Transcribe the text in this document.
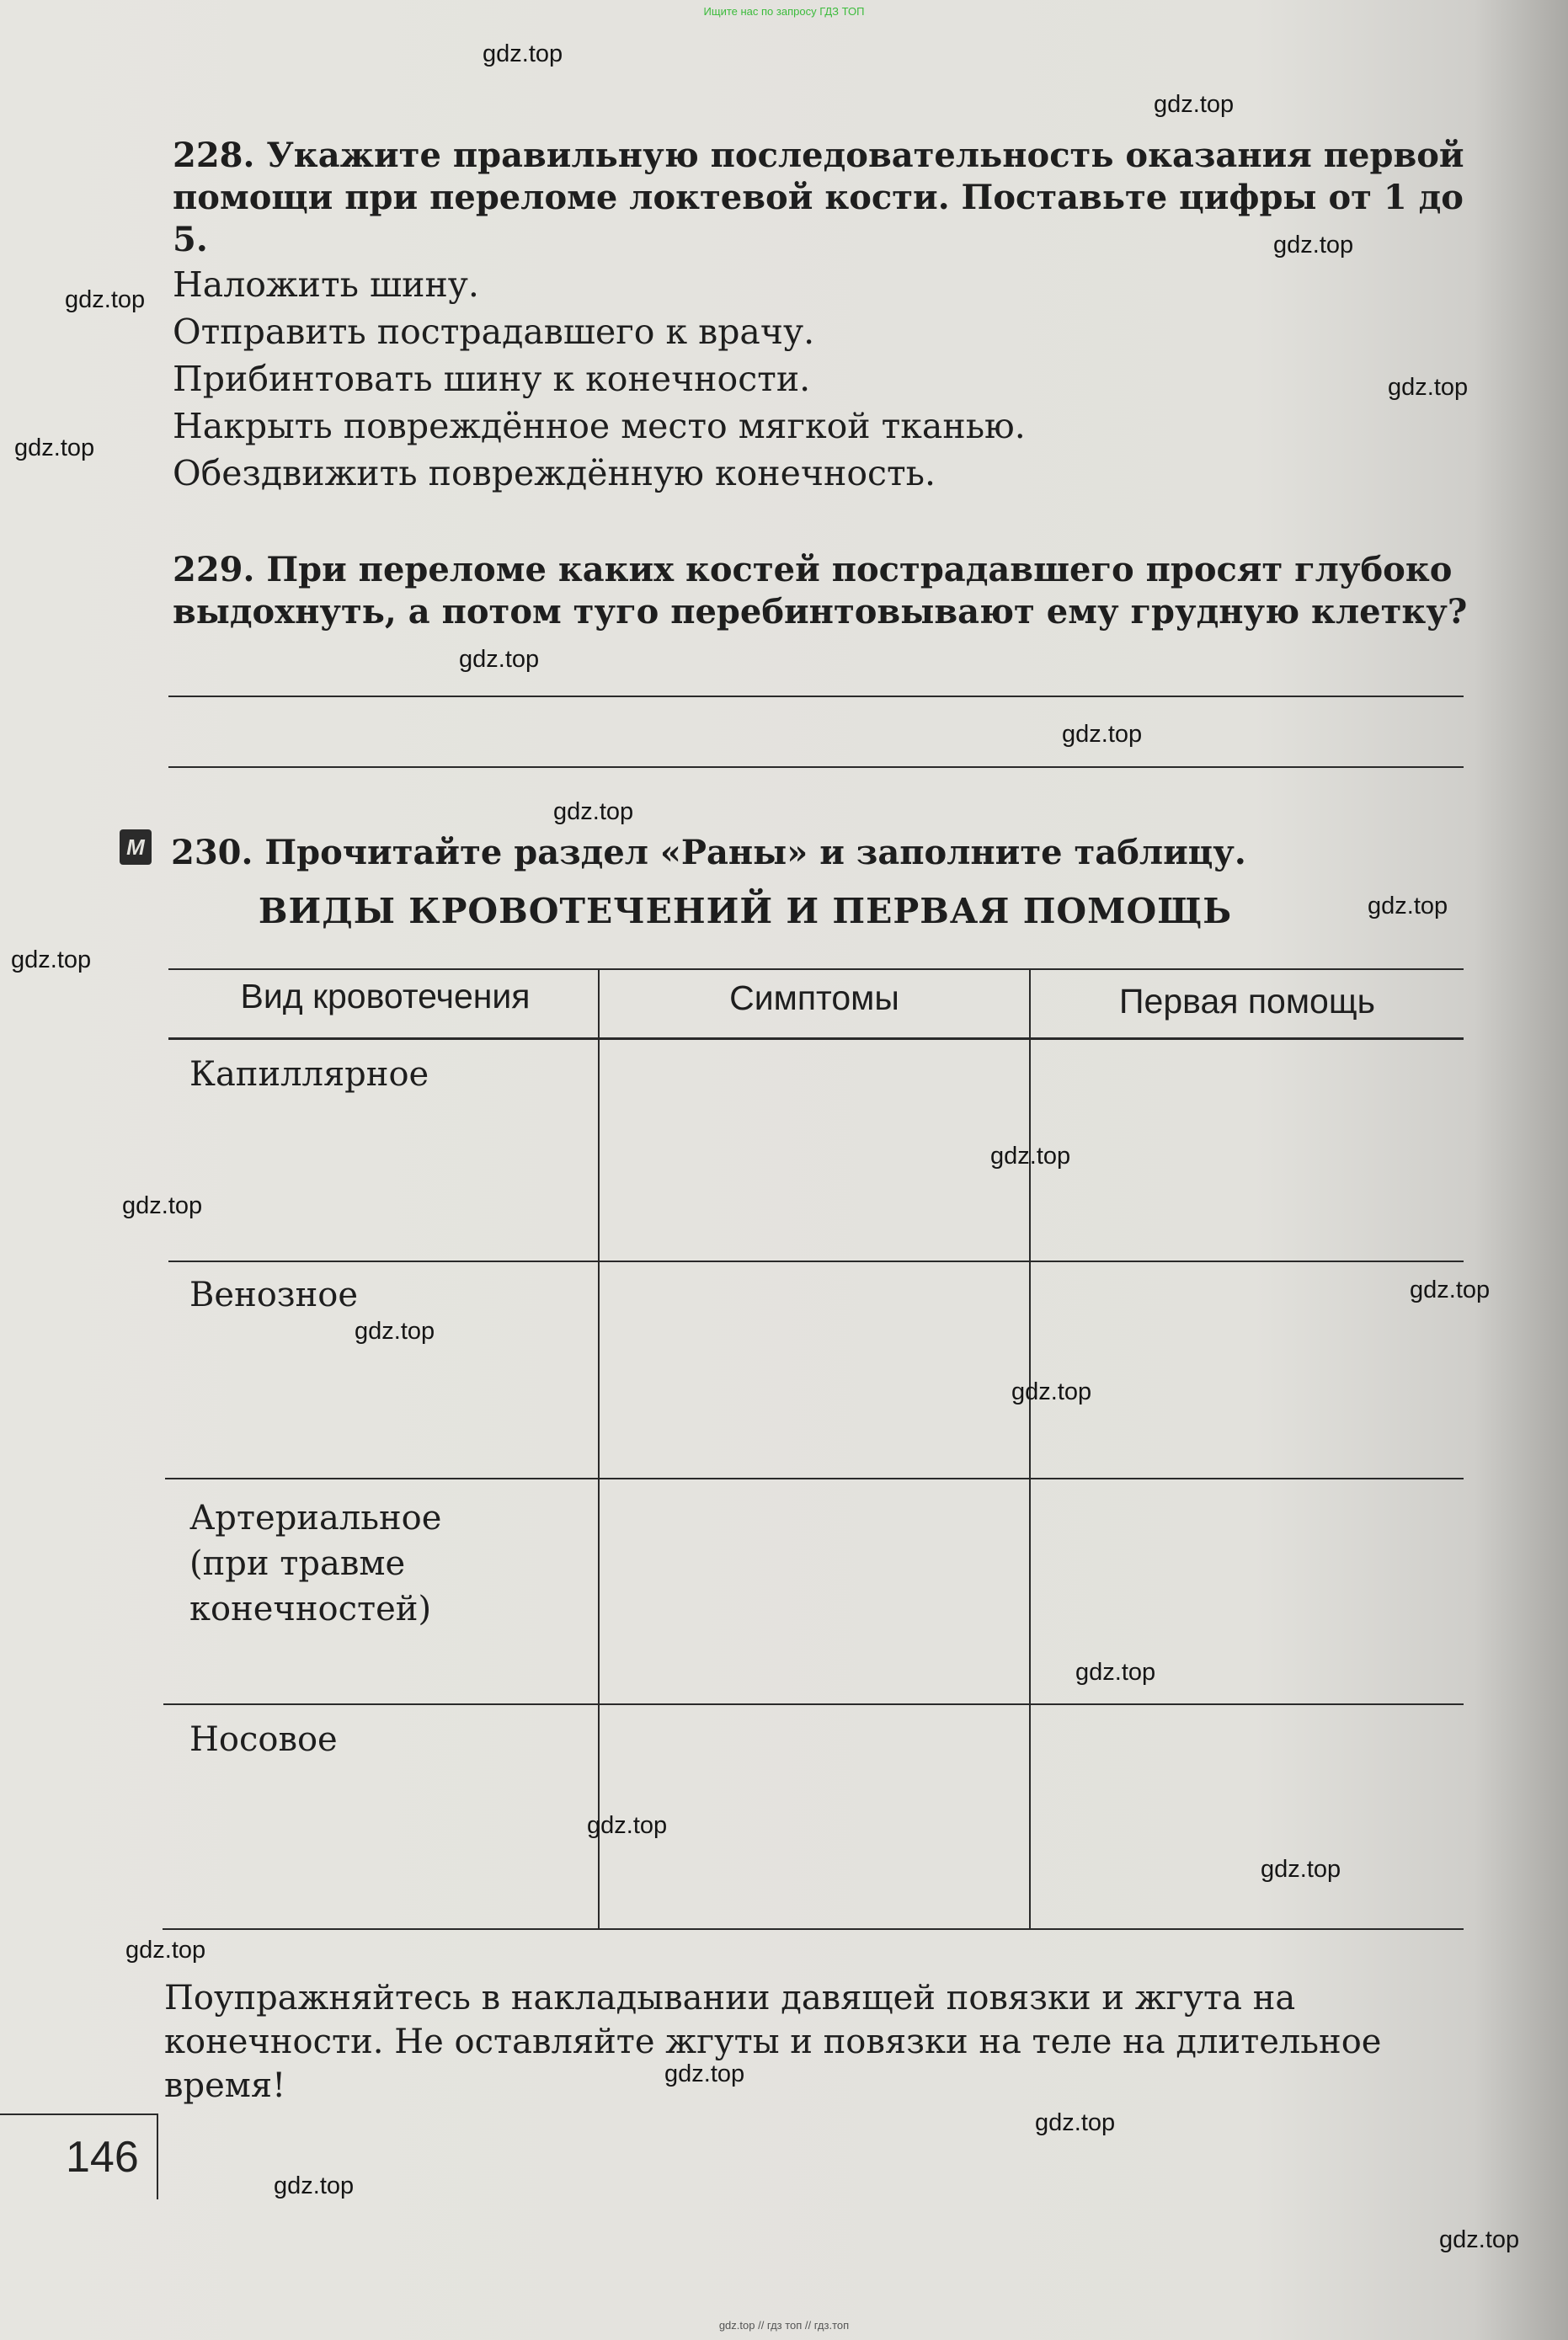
Ищите нас по запросу ГДЗ ТОП
228. Укажите правильную последовательность оказания первой помощи при переломе локтевой кости. Поставьте цифры от 1 до 5.
Наложить шину.
Отправить пострадавшего к врачу.
Прибинтовать шину к конечности.
Накрыть повреждённое место мягкой тканью.
Обездвижить повреждённую конечность.
229. При переломе каких костей пострадавшего просят глубоко выдохнуть, а потом туго перебинтовывают ему грудную клетку?
M 230. Прочитайте раздел «Раны» и заполните таблицу.
ВИДЫ КРОВОТЕЧЕНИЙ И ПЕРВАЯ ПОМОЩЬ
Вид кровотечения	Симптомы	Первая помощь
Капиллярное
Венозное
Артериальное
(при травме
конечностей)
Носовое
Поупражняйтесь в накладывании давящей повязки и жгута на конечности. Не оставляйте жгуты и повязки на теле на длительное время!
146
gdz.top
gdz.top
gdz.top
gdz.top
gdz.top
gdz.top
gdz.top
gdz.top
gdz.top
gdz.top
gdz.top
gdz.top
gdz.top
gdz.top
gdz.top
gdz.top
gdz.top
gdz.top
gdz.top
gdz.top
gdz.top
gdz.top
gdz.top
gdz.top
gdz.top // гдз топ // гдз.топ
